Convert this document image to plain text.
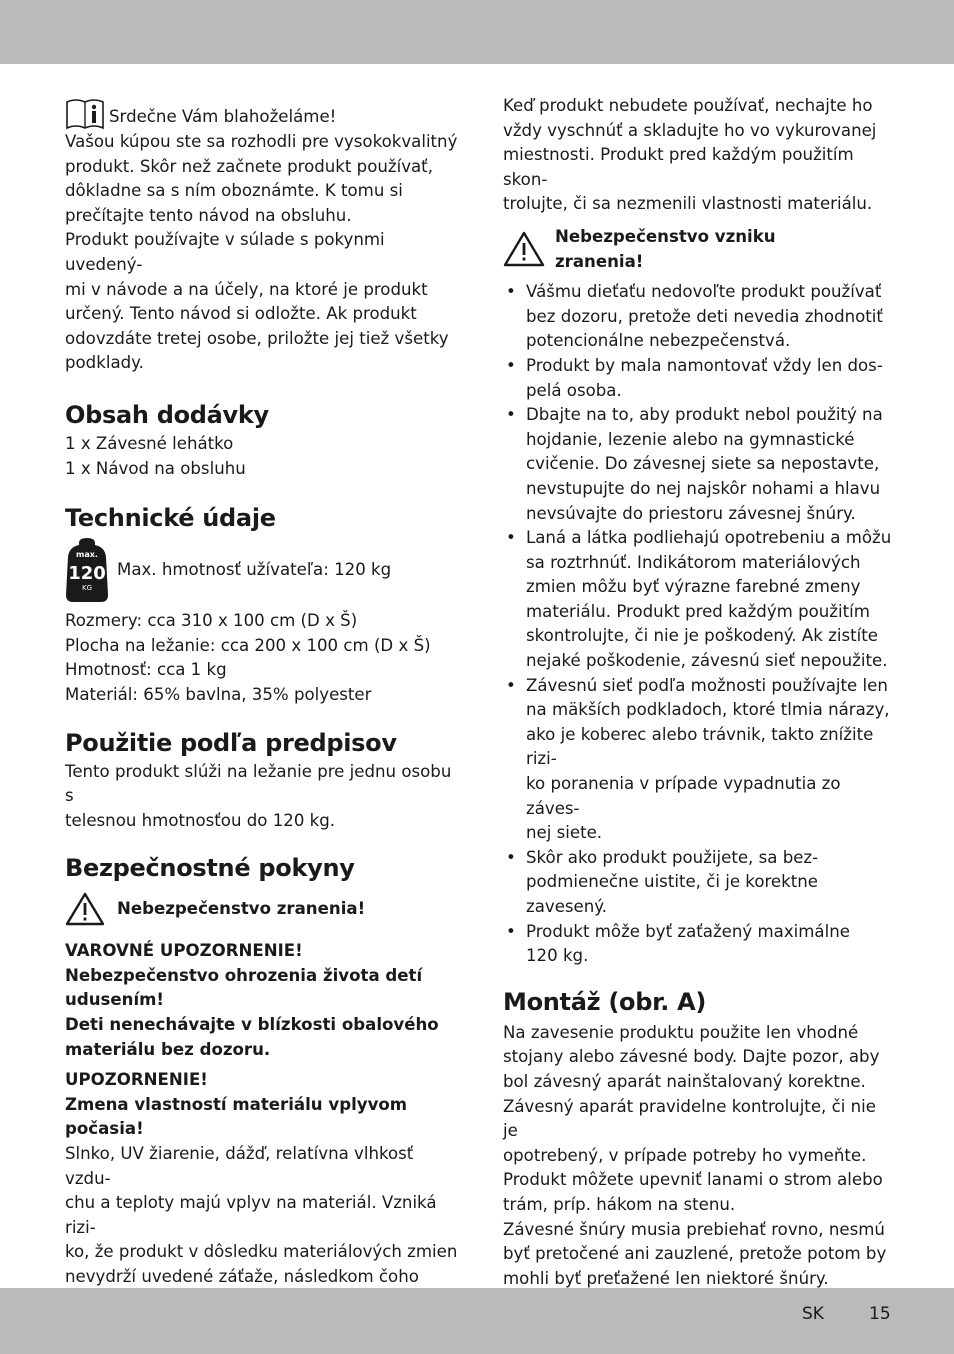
Srdečne Vám blahoželáme!

Vašou kúpou ste sa rozhodli pre vysokokvalitný
produkt. Skôr než začnete produkt používať,
dôkladne sa s ním oboznámte. K tomu si
prečítajte tento návod na obsluhu.
Produkt používajte v súlade s pokynmi uvedený-
mi v návode a na účely, na ktoré je produkt
určený. Tento návod si odložte. Ak produkt
odovzdáte tretej osobe, priložte jej tiež všetky
podklady.

Obsah dodávky

1 x Závesné lehátko
1 x Návod na obsluhu

Technické údaje
max.
120
KG
Max. hmotnosť užívateľa: 120 kg

Rozmery: cca 310 x 100 cm (D x Š)
Plocha na ležanie: cca 200 x 100 cm (D x Š)
Hmotnosť: cca 1 kg
Materiál: 65% bavlna, 35% polyester

Použitie podľa predpisov

Tento produkt slúži na ležanie pre jednu osobu s
telesnou hmotnosťou do 120 kg.

Bezpečnostné pokyny
Nebezpečenstvo zranenia!

VAROVNÉ UPOZORNENIE!

Nebezpečenstvo ohrozenia života detí
udusením!

Deti nenechávajte v blízkosti obalového
materiálu bez dozoru.

UPOZORNENIE!

Zmena vlastností materiálu vplyvom
počasia!

Slnko, UV žiarenie, dážď, relatívna vlhkosť vzdu-
chu a teploty majú vplyv na materiál. Vzniká rizi-
ko, že produkt v dôsledku materiálových zmien
nevydrží uvedené záťaže, následkom čoho

Keď produkt nebudete používať, nechajte ho
vždy vyschnúť a skladujte ho vo vykurovanej
miestnosti. Produkt pred každým použitím skon-
trolujte, či sa nezmenili vlastnosti materiálu.

Nebezpečenstvo vzniku
zranenia!

• Vášmu dieťaťu nedovoľte produkt používať
bez dozoru, pretože deti nevedia zhodnotiť
potencionálne nebezpečenstvá.
• Produkt by mala namontovať vždy len dos-
pelá osoba.
• Dbajte na to, aby produkt nebol použitý na
hojdanie, lezenie alebo na gymnastické
cvičenie. Do závesnej siete sa nepostavte,
nevstupujte do nej najskôr nohami a hlavu
nevsúvajte do priestoru závesnej šnúry.
• Laná a látka podliehajú opotrebeniu a môžu
sa roztrhnúť. Indikátorom materiálových
zmien môžu byť výrazne farebné zmeny
materiálu. Produkt pred každým použitím
skontrolujte, či nie je poškodený. Ak zistíte
nejaké poškodenie, závesnú sieť nepoužite.
• Závesnú sieť podľa možnosti používajte len
na mäkších podkladoch, ktoré tlmia nárazy,
ako je koberec alebo trávnik, takto znížite rizi-
ko poranenia v prípade vypadnutia zo záves-
nej siete.
• Skôr ako produkt použijete, sa bez-
podmienečne uistite, či je korektne zavesený.
• Produkt môže byť zaťažený maximálne
120 kg.
Montáž (obr. A)

Na zavesenie produktu použite len vhodné
stojany alebo závesné body. Dajte pozor, aby
bol závesný aparát nainštalovaný korektne.
Závesný aparát pravidelne kontrolujte, či nie je
opotrebený, v prípade potreby ho vymeňte.
Produkt môžete upevniť lanami o strom alebo
trám, príp. hákom na stenu.
Závesné šnúry musia prebiehať rovno, nesmú
byť pretočené ani zauzlené, pretože potom by
mohli byť preťažené len niektoré šnúry.

SK	15
